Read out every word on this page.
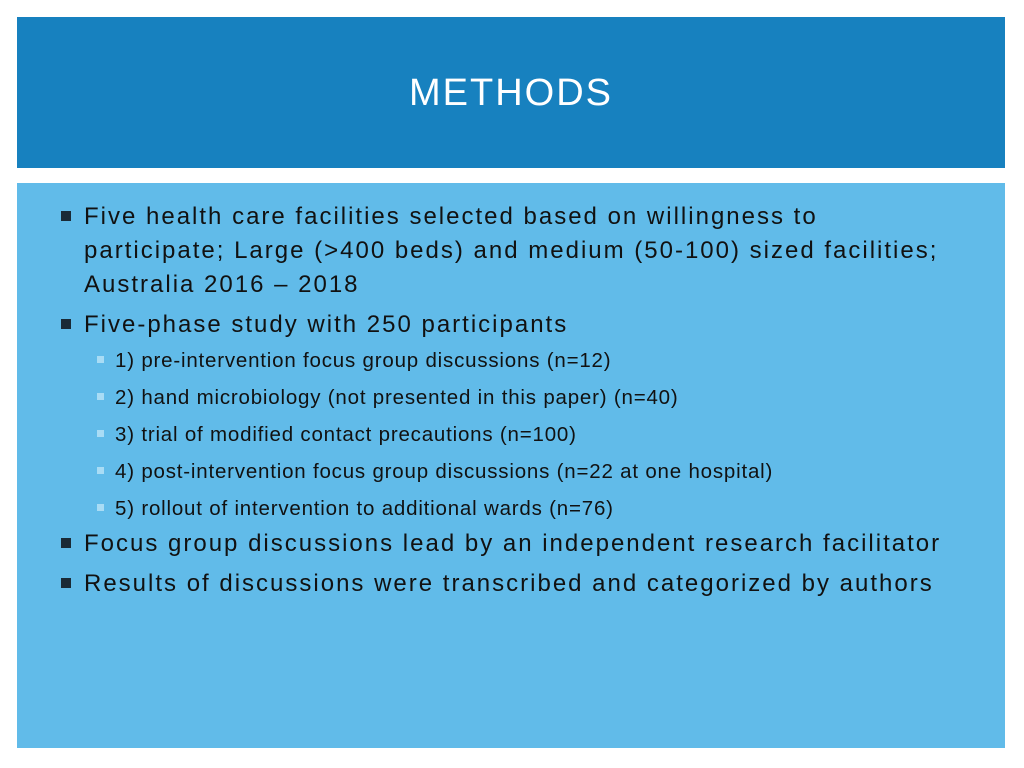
METHODS
Five health care facilities selected based on willingness to participate; Large (>400 beds) and medium (50-100) sized facilities; Australia 2016 – 2018
Five-phase study with 250 participants
1) pre-intervention focus group discussions (n=12)
2) hand microbiology (not presented in this paper) (n=40)
3) trial of modified contact precautions (n=100)
4) post-intervention focus group discussions (n=22 at one hospital)
5) rollout of intervention to additional wards (n=76)
Focus group discussions lead by an independent research facilitator
Results of discussions were transcribed and categorized by authors
